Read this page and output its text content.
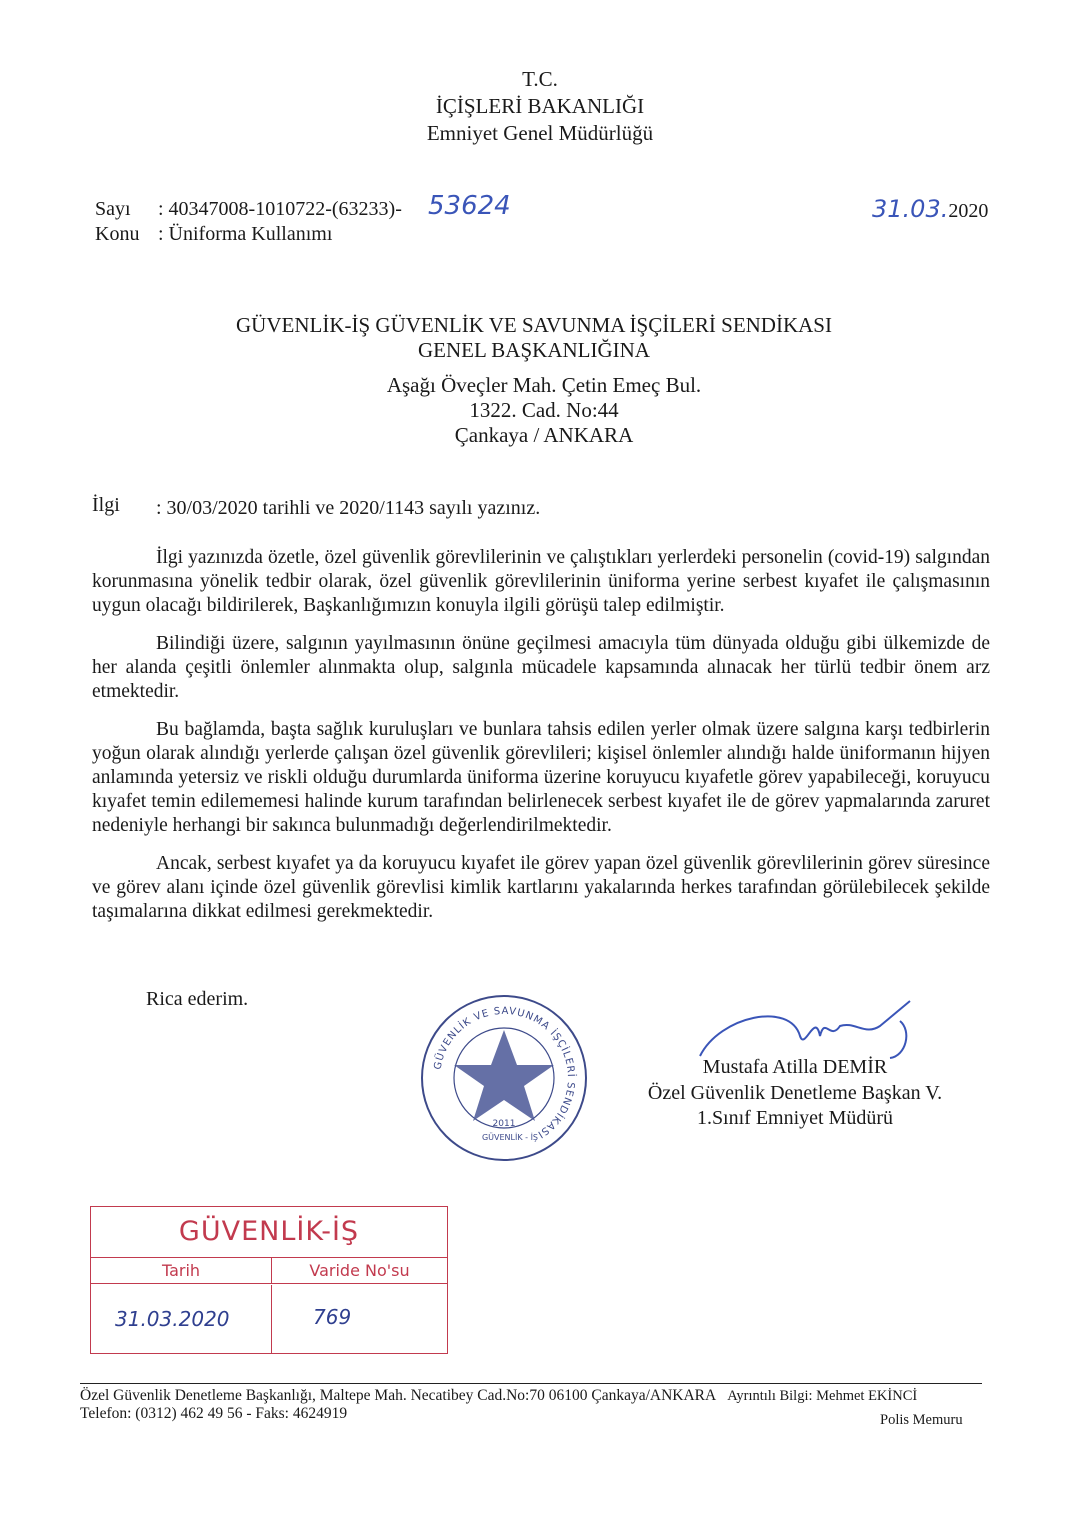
T.C.
İÇİŞLERİ BAKANLIĞI
Emniyet Genel Müdürlüğü
Sayı : 40347008-1010722-(63233)- 53624
Konu : Üniforma Kullanımı
31.03.2020
GÜVENLİK-İŞ GÜVENLİK VE SAVUNMA İŞÇİLERİ SENDİKASI
GENEL BAŞKANLIĞINA
Aşağı Öveçler Mah. Çetin Emeç Bul.
1322. Cad. No:44
Çankaya / ANKARA
İlgi : 30/03/2020 tarihli ve 2020/1143 sayılı yazınız.

İlgi yazınızda özetle, özel güvenlik görevlilerinin ve çalıştıkları yerlerdeki personelin (covid-19) salgından korunmasına yönelik tedbir olarak, özel güvenlik görevlilerinin üniforma yerine serbest kıyafet ile çalışmasının uygun olacağı bildirilerek, Başkanlığımızın konuyla ilgili görüşü talep edilmiştir.

Bilindiği üzere, salgının yayılmasının önüne geçilmesi amacıyla tüm dünyada olduğu gibi ülkemizde de her alanda çeşitli önlemler alınmakta olup, salgınla mücadele kapsamında alınacak her türlü tedbir önem arz etmektedir.

Bu bağlamda, başta sağlık kuruluşları ve bunlara tahsis edilen yerler olmak üzere salgına karşı tedbirlerin yoğun olarak alındığı yerlerde çalışan özel güvenlik görevlileri; kişisel önlemler alındığı halde üniformanın hijyen anlamında yetersiz ve riskli olduğu durumlarda üniforma üzerine koruyucu kıyafetle görev yapabileceği, koruyucu kıyafet temin edilememesi halinde kurum tarafından belirlenecek serbest kıyafet ile de görev yapmalarında zaruret nedeniyle herhangi bir sakınca bulunmadığı değerlendirilmektedir.

Ancak, serbest kıyafet ya da koruyucu kıyafet ile görev yapan özel güvenlik görevlilerinin görev süresince ve görev alanı içinde özel güvenlik görevlisi kimlik kartlarını yakalarında herkes tarafından görülebilecek şekilde taşımalarına dikkat edilmesi gerekmektedir.

Rica ederim.
GÜVENLİK VE SAVUNMA İŞÇİLERİ SENDİKASI
2011
GÜVENLİK - İŞ
Mustafa Atilla DEMİR
Özel Güvenlik Denetleme Başkan V.
1.Sınıf Emniyet Müdürü
GÜVENLİK-İŞ
Tarih	Varide No'su
31.03.2020	769
Özel Güvenlik Denetleme Başkanlığı, Maltepe Mah. Necatibey Cad.No:70 06100 Çankaya/ANKARA Ayrıntılı Bilgi: Mehmet EKİNCİ
Telefon: (0312) 462 49 56 - Faks: 4624919	Polis Memuru
